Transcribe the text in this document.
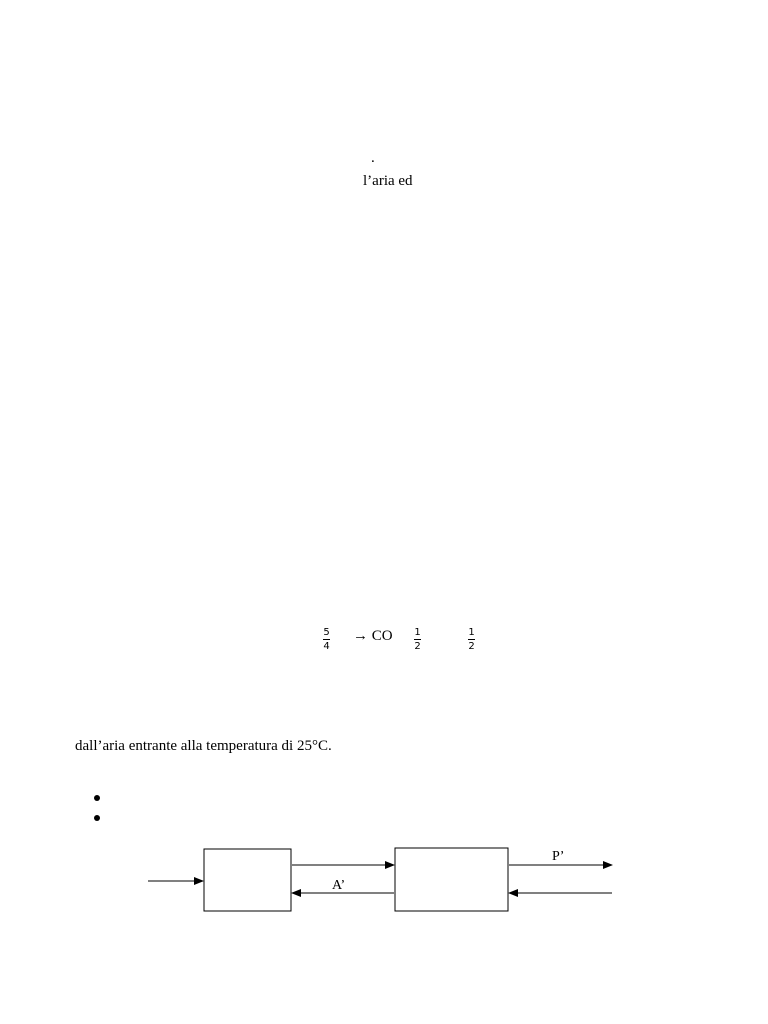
.
l’aria ed
5
4
→ CO 1
2
1
2
dall’aria entrante alla temperatura di 25°C.
P’
A’
